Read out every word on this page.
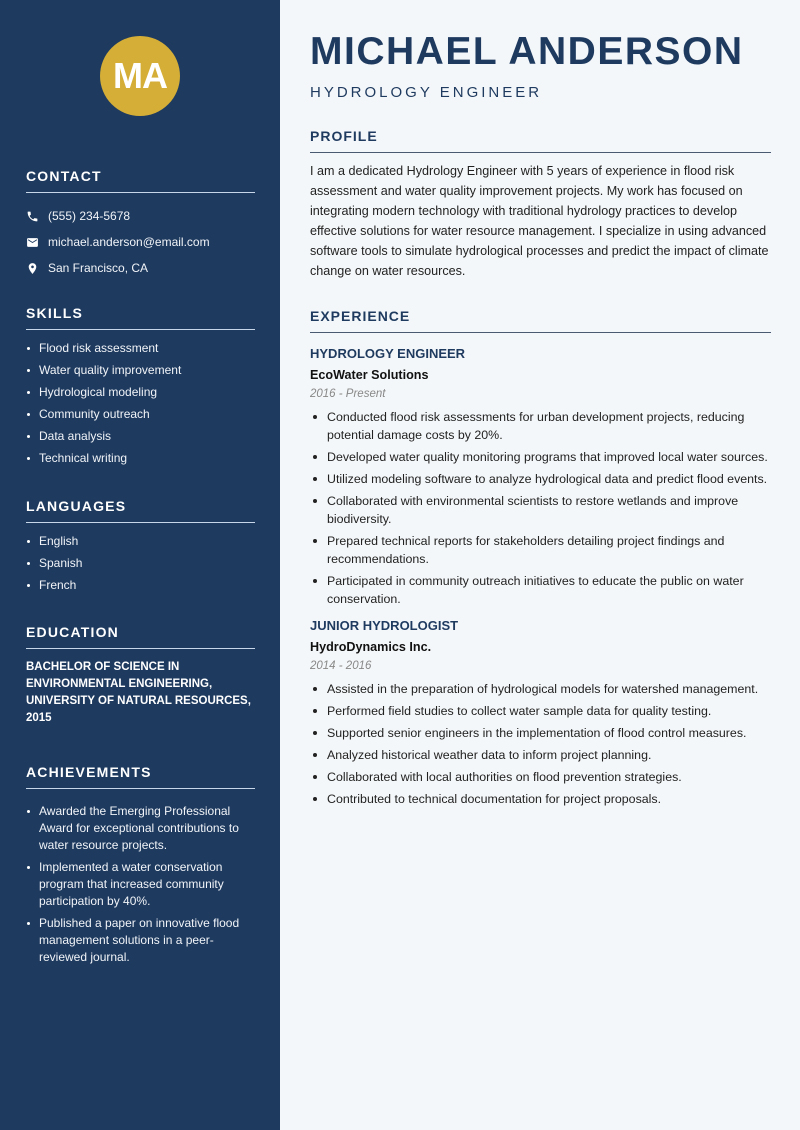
MA
CONTACT
(555) 234-5678
michael.anderson@email.com
San Francisco, CA
SKILLS
Flood risk assessment
Water quality improvement
Hydrological modeling
Community outreach
Data analysis
Technical writing
LANGUAGES
English
Spanish
French
EDUCATION
BACHELOR OF SCIENCE IN ENVIRONMENTAL ENGINEERING, UNIVERSITY OF NATURAL RESOURCES, 2015
ACHIEVEMENTS
Awarded the Emerging Professional Award for exceptional contributions to water resource projects.
Implemented a water conservation program that increased community participation by 40%.
Published a paper on innovative flood management solutions in a peer-reviewed journal.
MICHAEL ANDERSON
HYDROLOGY ENGINEER
PROFILE
I am a dedicated Hydrology Engineer with 5 years of experience in flood risk assessment and water quality improvement projects. My work has focused on integrating modern technology with traditional hydrology practices to develop effective solutions for water resource management. I specialize in using advanced software tools to simulate hydrological processes and predict the impact of climate change on water resources.
EXPERIENCE
HYDROLOGY ENGINEER
EcoWater Solutions
2016 - Present
Conducted flood risk assessments for urban development projects, reducing potential damage costs by 20%.
Developed water quality monitoring programs that improved local water sources.
Utilized modeling software to analyze hydrological data and predict flood events.
Collaborated with environmental scientists to restore wetlands and improve biodiversity.
Prepared technical reports for stakeholders detailing project findings and recommendations.
Participated in community outreach initiatives to educate the public on water conservation.
JUNIOR HYDROLOGIST
HydroDynamics Inc.
2014 - 2016
Assisted in the preparation of hydrological models for watershed management.
Performed field studies to collect water sample data for quality testing.
Supported senior engineers in the implementation of flood control measures.
Analyzed historical weather data to inform project planning.
Collaborated with local authorities on flood prevention strategies.
Contributed to technical documentation for project proposals.
